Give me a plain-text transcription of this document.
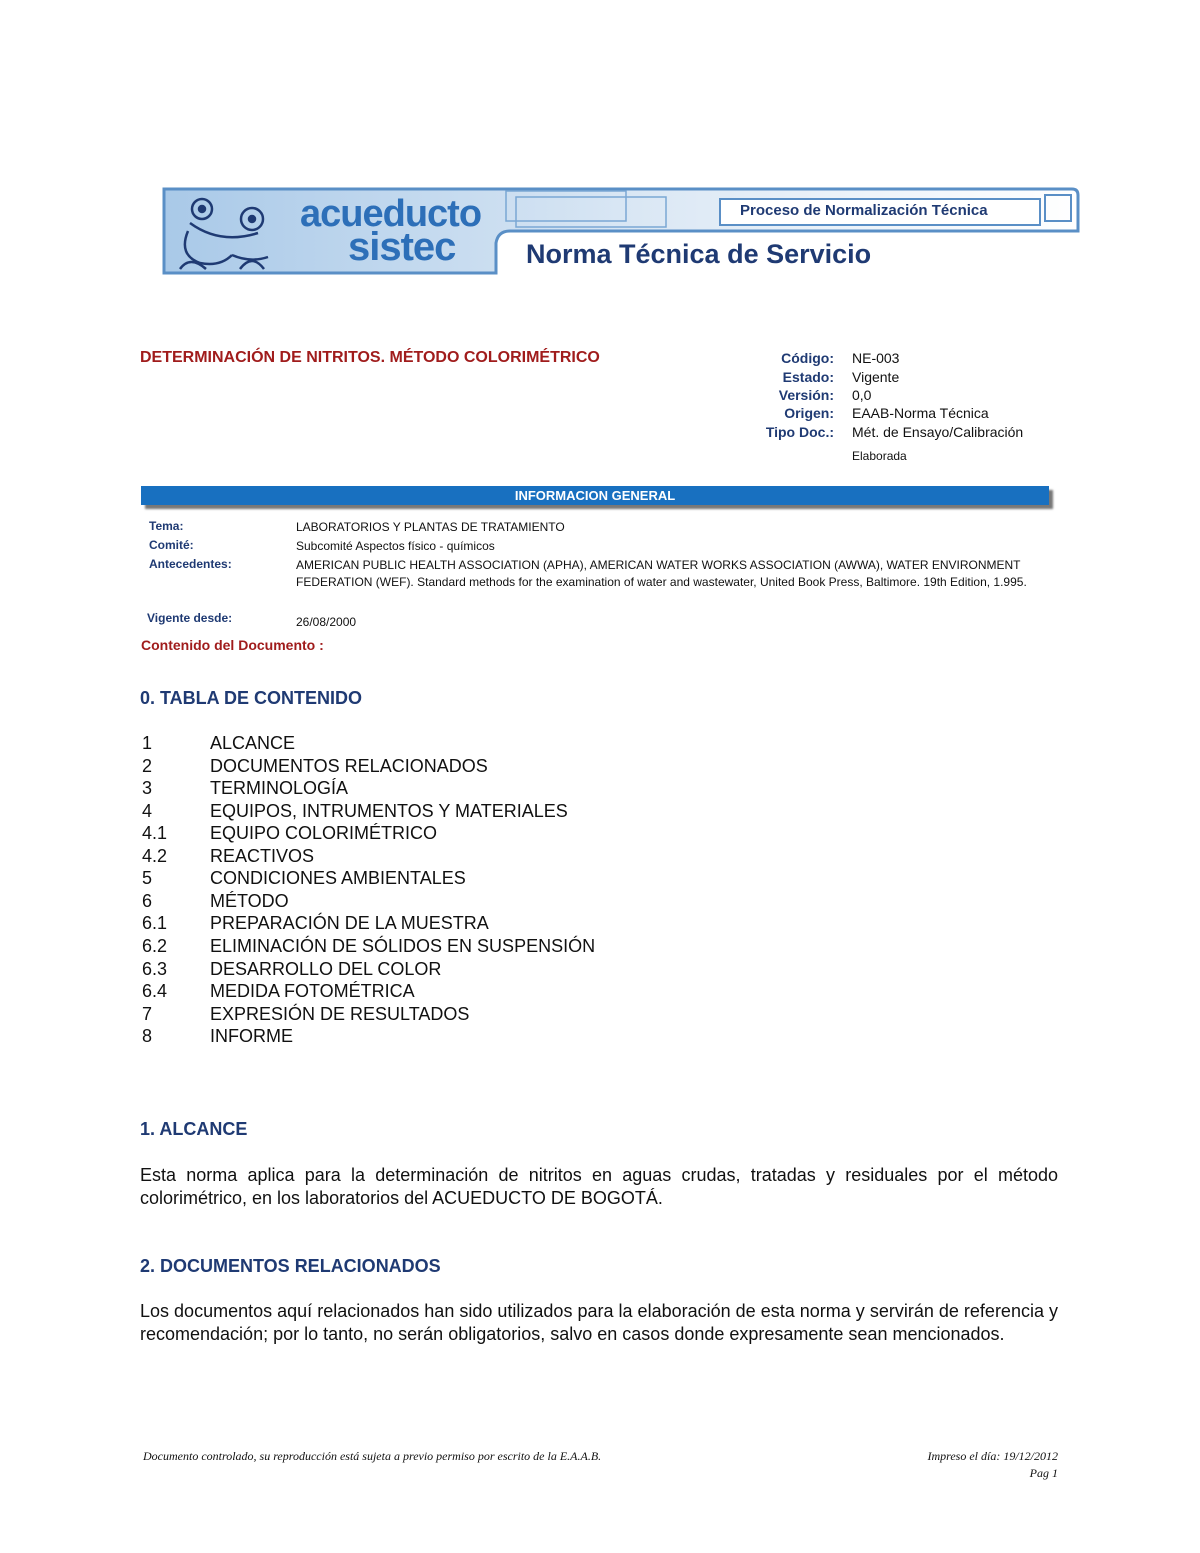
acueducto
sistec
Proceso de Normalización Técnica
Norma Técnica de Servicio
DETERMINACIÓN DE NITRITOS. MÉTODO COLORIMÉTRICO	Código: NE-003
Estado: Vigente
Versión: 0,0
Origen: EAAB-Norma Técnica
Tipo Doc.: Mét. de Ensayo/Calibración
Elaborada
INFORMACION GENERAL
Tema:	LABORATORIOS Y PLANTAS DE TRATAMIENTO
Comité:	Subcomité Aspectos físico - químicos
Antecedentes:	AMERICAN PUBLIC HEALTH ASSOCIATION (APHA), AMERICAN WATER WORKS ASSOCIATION (AWWA), WATER ENVIRONMENT FEDERATION (WEF). Standard methods for the examination of water and wastewater, United Book Press, Baltimore. 19th Edition, 1.995.
Vigente desde:	26/08/2000
Contenido del Documento :
0. TABLA DE CONTENIDO
1	ALCANCE
2	DOCUMENTOS RELACIONADOS
3	TERMINOLOGÍA
4	EQUIPOS, INTRUMENTOS Y MATERIALES
4.1 EQUIPO COLORIMÉTRICO
4.2 REACTIVOS
5	CONDICIONES AMBIENTALES
6	MÉTODO
6.1 PREPARACIÓN DE LA MUESTRA
6.2 ELIMINACIÓN DE SÓLIDOS EN SUSPENSIÓN
6.3 DESARROLLO DEL COLOR
6.4 MEDIDA FOTOMÉTRICA
7	EXPRESIÓN DE RESULTADOS
8	INFORME
1. ALCANCE
Esta norma aplica para la determinación de nitritos en aguas crudas, tratadas y residuales por el método colorimétrico, en los laboratorios del ACUEDUCTO DE BOGOTÁ.
2. DOCUMENTOS RELACIONADOS
Los documentos aquí relacionados han sido utilizados para la elaboración de esta norma y servirán de referencia y recomendación; por lo tanto, no serán obligatorios, salvo en casos donde expresamente sean mencionados.
Documento controlado, su reproducción está sujeta a previo permiso por escrito de la E.A.A.B.	Impreso el día: 19/12/2012
Pag 1
